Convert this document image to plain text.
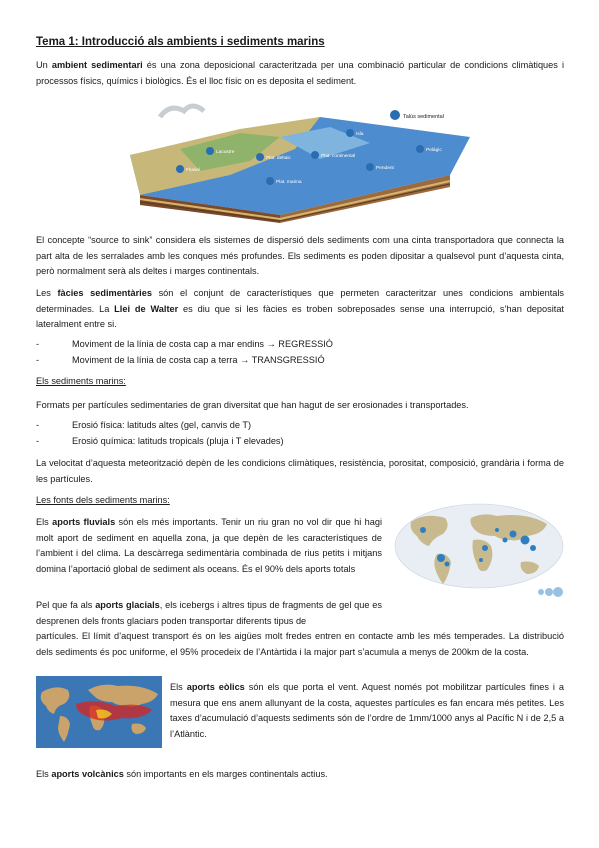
Tema 1: Introducció als ambients i sediments marins
Un ambient sedimentari és una zona deposicional caracteritzada per una combinació particular de condicions climàtiques i processos físics, químics i biològics. És el lloc físic on es deposita el sediment.
Talús sedimental
Isla
Plat. continental
Plat. deltaic
Plat. marina
Pendent
Pelàgic
Lacustre
Fluvial
El concepte “source to sink” considera els sistemes de dispersió dels sediments com una cinta transportadora que connecta la part alta de les serralades amb les conques més profundes. Els sediments es poden dipositar a qualsevol punt d’aquesta cinta, però normalment serà als deltes i marges continentals.
Les fàcies sedimentàries són el conjunt de característiques que permeten caracteritzar unes condicions ambientals determinades. La Llei de Walter es diu que si les fàcies es troben sobreposades sense una interrupció, s’han depositat lateralment entre si.
-	Moviment de la línia de costa cap a mar endins → REGRESSIÓ
-	Moviment de la línia de costa cap a terra → TRANSGRESSIÓ
Els sediments marins:
Formats per partícules sedimentaries de gran diversitat que han hagut de ser erosionades i transportades.
-	Erosió física: latituds altes (gel, canvis de T)
-	Erosió química: latituds tropicals (pluja i T elevades)
La velocitat d’aquesta meteorització depèn de les condicions climàtiques, resistència, porositat, composició, grandària i forma de les partícules.
Les fonts dels sediments marins:
Els aports fluvials són els més importants. Tenir un riu gran no vol dir que hi hagi molt aport de sediment en aquella zona, ja que depèn de les característiques de l’ambient i del clima. La descàrrega sedimentària combinada de rius petits i mitjans domina l’aportació global de sediment als oceans. És el 90% dels aports totals
Pel que fa als aports glacials, els icebergs i altres tipus de fragments de gel que es desprenen dels fronts glaciars poden transportar diferents tipus de
partícules. El límit d’aquest transport és on les aigües molt fredes entren en contacte amb les més temperades. La distribució dels sediments és poc uniforme, el 95% procedeix de l’Antàrtida i la major part s’acumula a menys de 200km de la costa.
Els aports eòlics són els que porta el vent. Aquest només pot mobilitzar partícules fines i a mesura que ens anem allunyant de la costa, aquestes partícules es fan encara més petites. Les taxes d’acumulació d’aquests sediments són de l’ordre de 1mm/1000 anys al Pacífic N i de 2,5 a l’Atlàntic.
Els aports volcànics són importants en els marges continentals actius.
